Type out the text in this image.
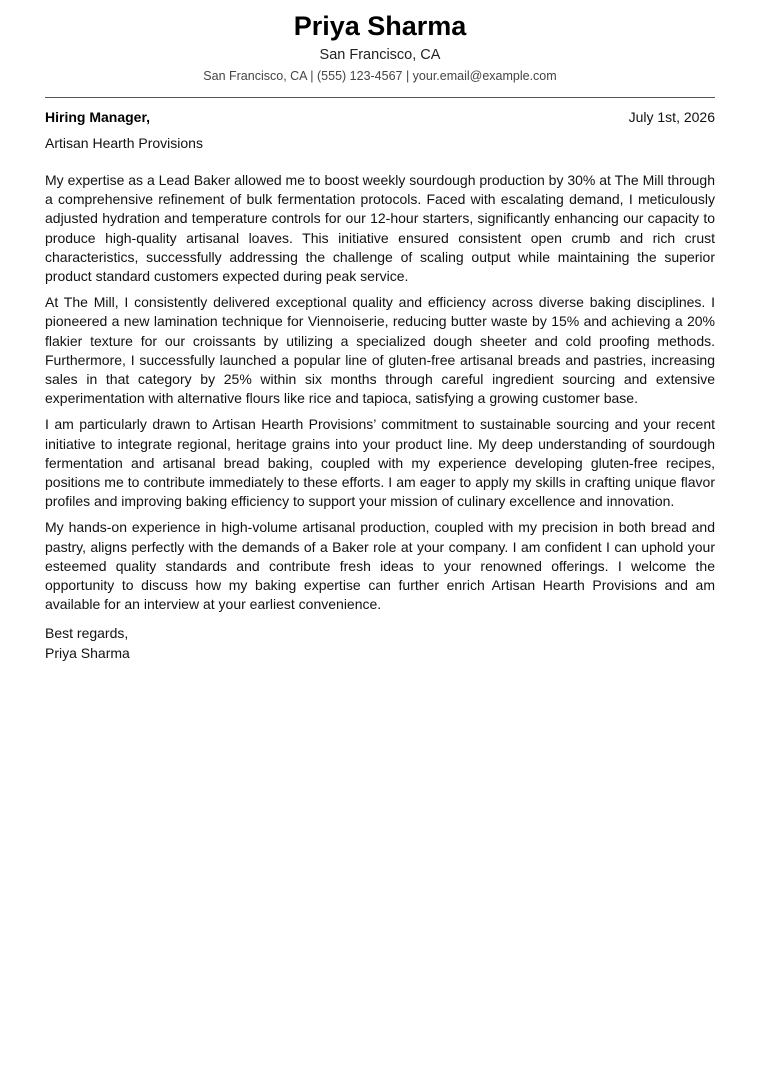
Priya Sharma
San Francisco, CA
San Francisco, CA | (555) 123-4567 | your.email@example.com
Hiring Manager,	July 1st, 2026
Artisan Hearth Provisions

My expertise as a Lead Baker allowed me to boost weekly sourdough production by 30% at The Mill through a comprehensive refinement of bulk fermentation protocols. Faced with escalating demand, I meticulously adjusted hydration and temperature controls for our 12-hour starters, significantly enhancing our capacity to produce high-quality artisanal loaves. This initiative ensured consistent open crumb and rich crust characteristics, successfully addressing the challenge of scaling output while maintaining the superior product standard customers expected during peak service.

At The Mill, I consistently delivered exceptional quality and efficiency across diverse baking disciplines. I pioneered a new lamination technique for Viennoiserie, reducing butter waste by 15% and achieving a 20% flakier texture for our croissants by utilizing a specialized dough sheeter and cold proofing methods. Furthermore, I successfully launched a popular line of gluten-free artisanal breads and pastries, increasing sales in that category by 25% within six months through careful ingredient sourcing and extensive experimentation with alternative flours like rice and tapioca, satisfying a growing customer base.

I am particularly drawn to Artisan Hearth Provisions’ commitment to sustainable sourcing and your recent initiative to integrate regional, heritage grains into your product line. My deep understanding of sourdough fermentation and artisanal bread baking, coupled with my experience developing gluten-free recipes, positions me to contribute immediately to these efforts. I am eager to apply my skills in crafting unique flavor profiles and improving baking efficiency to support your mission of culinary excellence and innovation.

My hands-on experience in high-volume artisanal production, coupled with my precision in both bread and pastry, aligns perfectly with the demands of a Baker role at your company. I am confident I can uphold your esteemed quality standards and contribute fresh ideas to your renowned offerings. I welcome the opportunity to discuss how my baking expertise can further enrich Artisan Hearth Provisions and am available for an interview at your earliest convenience.

Best regards,
Priya Sharma
